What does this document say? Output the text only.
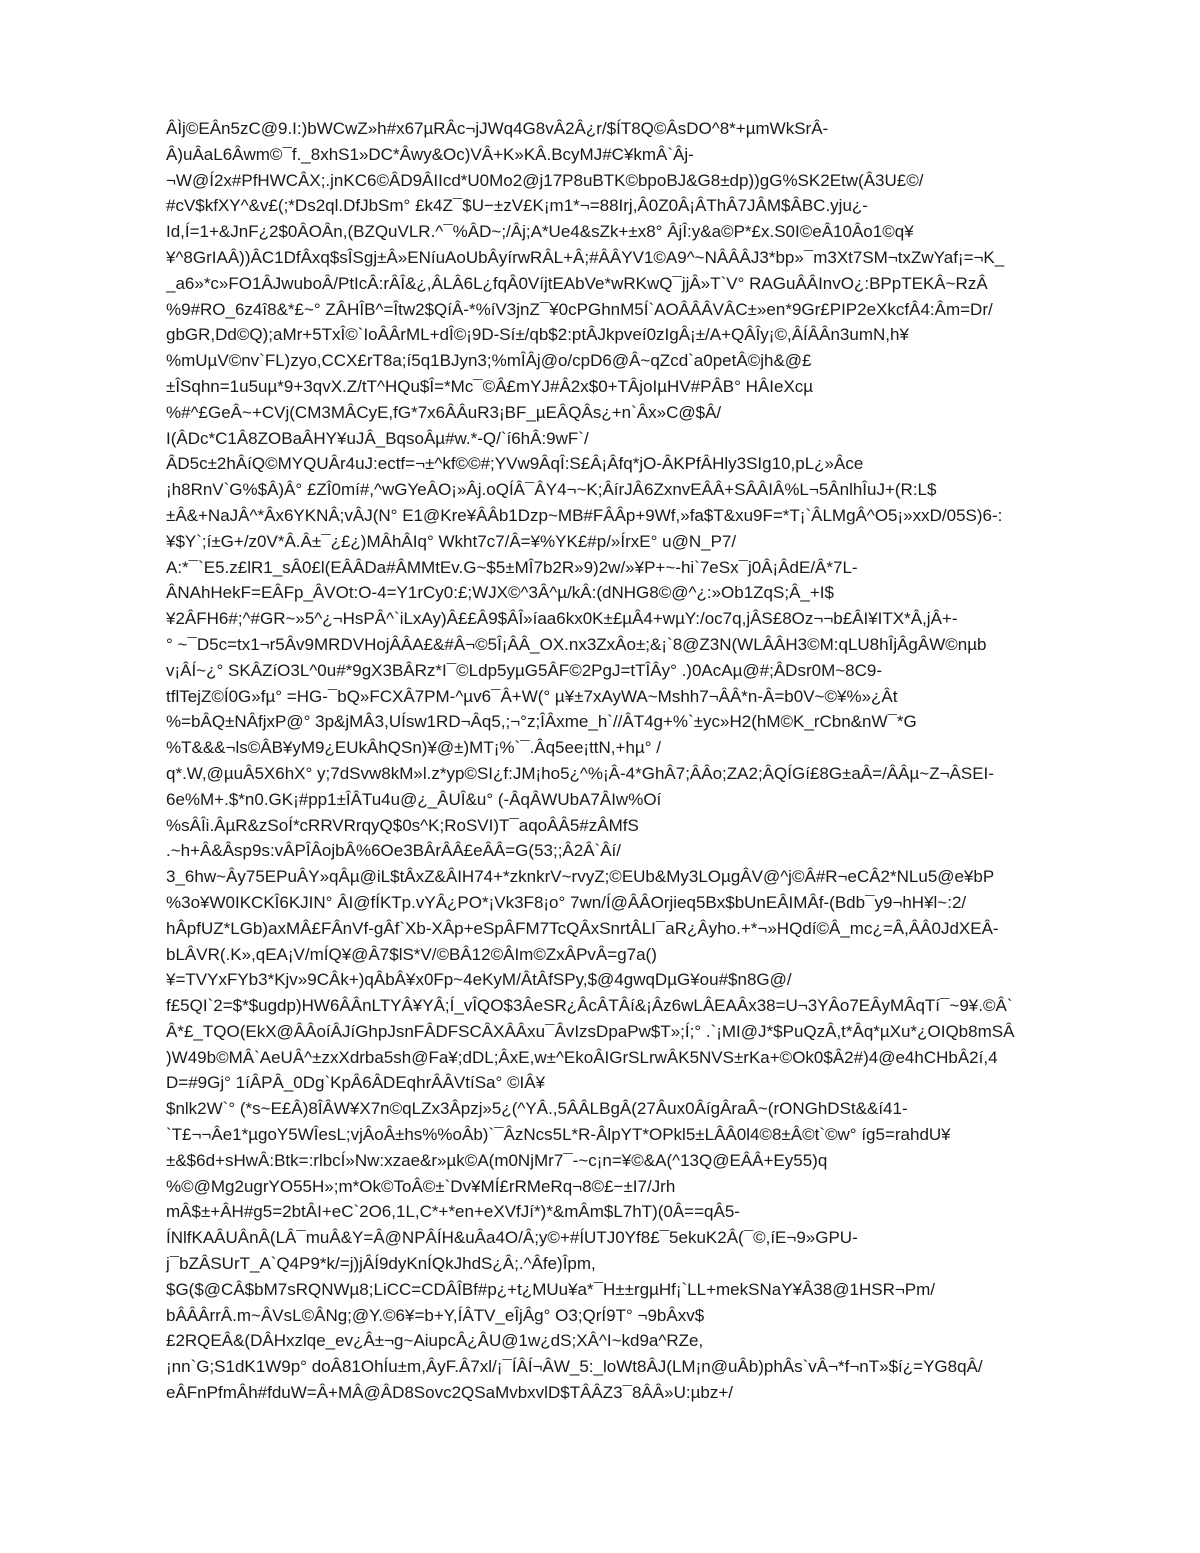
ÂÌj©EÂn5zC@9.I:)bWCwZ»h#x67µRÂc¬jJWq4G8vÂ2Â¿r/$ÍT8Q©ÂsDO^8*+µmWkSrÂ-
Â)uÂaL6Âwm©¯f._8xhS1»DC*Âwy&Oc)VÂ+K»KÂ.BcyMJ#C¥kmÂ`Âj-
¬W@Í2x#PfHWCÂX;.jnKC6©ÂD9ÂIIcd*U0Mo2@j17P8uBTK©bpoBJ&G8±dp))gG%SK2Etw(Â3U£©/
#cV$kfXY^&v£(;*Ds2ql.DfJbSm° £k4Z¯$U−±zV£K¡m1*¬=88Irj,Â0Z0Â¡ÂThÂ7JÂM$ÂBC.yju¿-
Id,Í=1+&JnF¿2$0ÂOÂn,(BZQuVLR.^¯%ÂD~;/Âj;A*Ue4&sZk+±x8° ÂjÎ:y&a©P*£x.S0I©eÂ10Âo1©q¥
¥^8GrIAÂ))ÂC1DfÂxq$sÎSgj±Â»ENíuAoUbÂyírwRÂL+Â;#ÂÂYV1©A9^~NÂÂÂJ3*bp»¯m3Xt7SM¬txZwYaf¡=¬K_
_a6»*c»FO1ÂJwuboÂ/PtIcÂ:rÂÎ&¿,ÂLÂ6L¿fqÂ0VíjtEAbVe*wRKwQ¯jjÂ»T`V° RAGuÂÂInvO¿:BPpTEKÂ~RzÂ
%9#RO_6z4î8&*£~° ZÂHÎB^=Îtw2$QíÂ-*%íV3jnZ¯¥0cPGhnM5Í`AOÂÂÂVÂC±»en*9Gr£PIP2eXkcfÂ4:Âm=Dr/
gbGR,Dd©Q);aMr+5TxÎ©`IoÂÂrML+dÎ©¡9D-Sí±/qb$2:ptÂJkpveí0zIgÂ¡±/A+QÂÎy¡©,ÂÍÂÂn3umN,h¥
%mUµV©nv`FL)zyo,CCX£rT8a;í5q1BJyn3;%mÎÂj@o/cpD6@Â~qZcd`a0petÂ©jh&@£
±ÎSqhn=1u5uµ*9+3qvX.Z/tT^HQu$Î=*Mc¯©Â£mYJ#Â2x$0+TÂjoIµHV#PÂB° HÂIeXcµ
%#^£GeÂ~+CVj(CM3MÂCyE,fG*7x6ÂÂuR3¡BF_µEÂQÂs¿+n`Âx»C@$Â/
I(ÂDc*C1Â8ZOBaÂHY¥uJÂ_BqsoÂµ#w.*-Q/`í6hÂ:9wF`/
ÂD5c±2hÂíQ©MYQUÂr4uJ:ectf=¬±^kf©©#;YVw9ÂqÎ:S£Â¡Âfq*jO-ÂKPfÂHly3SIg10,pL¿»Âce
¡h8RnV`G%$Â)Â° £ZÎ0mí#,^wGYeÂO¡»Âj.oQÍÂ¯ÂY4¬~K;ÂírJÂ6ZxnvEÂÂ+SÂÂIÂ%L¬5ÂnlhÎuJ+(R:L$
±Â&+NaJÂ^*Âx6YKNÂ;vÂJ(N° E1@Kre¥ÂÂb1Dzp~MB#FÂÂp+9Wf,»fa$T&xu9F=*T¡`ÂLMgÂ^O5¡»xxD/05S)6-:
¥$Y`;í±G+/z0V*Â.Â±¯¿£¿)MÂhÂIq° Wkht7c7/Â=¥%YK£#p/»ÍrxE° u@N_P7/
A:*¯`E5.z£lR1_sÂ0£l(EÂÂDa#ÂMMtEv.G~$5±MÎ7b2R»9)2w/»¥P+~-hi`7eSx¯j0Â¡ÂdE/Â*7L-
ÂNAhHekF=EÂFp_ÂVOt:O-4=Y1rCy0:£;WJX©^3Â^µ/kÂ:(dNHG8©@^¿:»Ob1ZqS;Â_+I$
¥2ÂFH6#;^#GR~»5^¿¬HsPÂ^`iLxAy)Â££Â9$ÂÎ»íaa6kx0K±£µÂ4+wµY:/oc7q,jÂS£8Oz¬¬b£ÂI¥ITX*Â,jÂ+-
° ~¯D5c=tx1¬r5Âv9MRDVHojÂÂA£&#Â¬©5Î¡ÂÂ_OX.nx3ZxÂo±;&¡`8@Z3N(WLÂÂH3©M:qLU8hÎjÂgÂW©nµb
v¡ÂÍ~¿° SKÂZíO3L^0u#*9gX3BÂRz*I¯©Ldp5yµG5ÂF©2PgJ=tTÎÂy° .)0AcAµ@#;ÂDsr0M~8C9-
tflTejZ©Í0G»fµ° =HG-¯bQ»FCXÂ7PM-^µv6¯Â+W(° µ¥±7xAyWA~Mshh7¬ÂÂ*n-Â=b0V~©¥%»¿Ât
%=bÂQ±NÂfjxP@° 3p&jMÂ3,UÍsw1RD¬Âq5,;¬°z;ÎÂxme_h`//ÂT4g+%`±yc»H2(hM©K_rCbn&nW¯*G
%T&&&¬ls©ÂB¥yM9¿EUkÂhQSn)¥@±)MT¡%`¯.Âq5ee¡ttN,+hµ° /
q*.W,@µuÂ5X6hX° y;7dSvw8kM»l.z*yp©SI¿f:JM¡ho5¿^%¡Â-4*GhÂ7;ÂÂo;ZA2;ÂQÍGí£8G±aÂ=/ÂÂµ~Z¬ÂSEI-
6e%M+.$*n0.GK¡#pp1±ÎÂTu4u@¿_ÂUÎ&u° (-ÂqÂWUbA7ÂIw%Oí
%sÂÎi.ÂµR&zSoÍ*cRRVRrqyQ$0s^K;RoSVI)T¯aqoÂÂ5#zÂMfS
.~h+Â&Âsp9s:vÂPÎÂojbÂ%6Oe3BÂrÂÂ£eÂÂ=G(53;;Â2Â`Âí/
3_6hw~Ây75EPuÂY»qÂµ@iL$tÂxZ&ÂIH74+*zknkrV~rvyZ;©EUb&My3LOµgÂV@^j©Â#R¬eCÂ2*NLu5@e¥bP
%3o¥W0IKCKÎ6KJIN° ÂI@fÍKTp.vYÂ¿PO*¡Vk3F8¡o° 7wn/Í@ÂÂOrjieq5Bx$bUnEÂIMÂf-(Bdb¯y9¬hH¥l~:2/
hÂpfUZ*LGb)axMÂ£FÂnVf-gÂf`Xb-XÂp+eSpÂFM7TcQÂxSnrtÂLI¯aR¿Âyho.+*¬»HQdí©Â_mc¿=Â,ÂÂ0JdXEÂ-
bLÂVR(.K»,qEA¡V/mÍQ¥@Â7$lS*V/©BÂ12©ÂIm©ZxÂPvÂ=g7a()
¥=TVYxFYb3*Kjv»9CÂk+)qÂbÂ¥x0Fp~4eKyM/ÂtÂfSPy,$@4gwqDµG¥ou#$n8G@/
f£5QI`2=$*$ugdp)HW6ÂÂnLTYÂ¥YÂ;Í_vÎQO$3ÂeSR¿ÂcÂTÂí&¡Âz6wLÂEAÂx38=U¬3YÂo7EÂyMÂqTí¯~9¥.©Â`
Â*£_TQO(EkX@ÂÂoíÂJíGhpJsnFÂDFSCÂXÂÂxu¯ÂvIzsDpaPw$T»;Í;° .`¡MI@J*$PuQzÂ,t*Âq*µXu*¿OIQb8mSÂ
)W49b©MÂ`AeUÂ^±zxXdrba5sh@Fa¥;dDL;ÂxE,w±^EkoÂIGrSLrwÂK5NVS±rKa+©Ok0$Â2#)4@e4hCHbÂ2í,4
D=#9Gj° 1íÂPÂ_0Dg`KpÂ6ÂDEqhrÂÂVtíSa° ©IÂ¥
$nlk2W`° (*s~E£Â)8ÎÂW¥X7n©qLZx3Âpzj»5¿(^YÂ.,5ÂÂLBgÂ(27Âux0ÂígÂraÂ~(rONGhDSt&&í41-
`T£¬¬Âe1*µgoY5WÎesL;vjÂoÂ±hs%%oÂb)`¯ÂzNcs5L*R-ÂlpYT*OPkl5±LÂÂ0l4©8±Â©t`©w° íg5=rahdU¥
±&$6d+sHwÂ:Btk=:rlbcÍ»Nw:xzae&r»µk©A(m0NjMr7¯-~c¡n=¥©&A(^13Q@EÂÂ+Ey55)q
%©@Mg2ugrYO55H»;m*Ok©ToÂ©±`Dv¥MÍ£rRMeRq¬8©£−±I7/Jrh
mÂ$±+ÂH#g5=2btÂI+eC`2O6,1L,C*+*en+eXVfJí*)*&mÂm$L7hT)(0Â==qÂ5-
ÍNlfKAÂUÂnÂ(LÂ¯muÂ&Y=Â@NPÂÍH&uÂa4O/Â;y©+#ÍUTJ0Yf8£¯5ekuK2Â(¯©,íE¬9»GPU-
j¯bZÂSUrT_A`Q4P9*k/=j)jÂÍ9dyKnÍQkJhdS¿Â;.^Âfe)Îpm,
$G($@CÂ$bM7sRQNWµ8;LiCC=CDÂÎBf#p¿+t¿MUu¥a*¯H±±rgµHf¡`LL+mekSNaY¥Â38@1HSR¬Pm/
bÂÂÂrrÂ.m~ÂVsL©ÂNg;@Y.©6¥=b+Y,ÍÂTV_eÎjÂg° O3;QrÍ9T° ¬9bÂxv$
£2RQEÂ&(DÂHxzlqe_ev¿Â±¬g~AiupcÂ¿ÂU@1w¿dS;XÂ^I~kd9a^RZe,
¡nn`G;S1dK1W9p° doÂ81OhÍu±m,ÂyF.Â7xl/¡¯ÍÂÍ¬ÂW_5:_loWt8ÂJ(LM¡n@uÂb)phÂs`vÂ¬*f¬nT»$í¿=YG8qÂ/
eÂFnPfmÂh#fduW=Â+MÂ@ÂD8Sovc2QSaMvbxvlD$TÂÂZ3¯8ÂÂ»U:µbz+/
